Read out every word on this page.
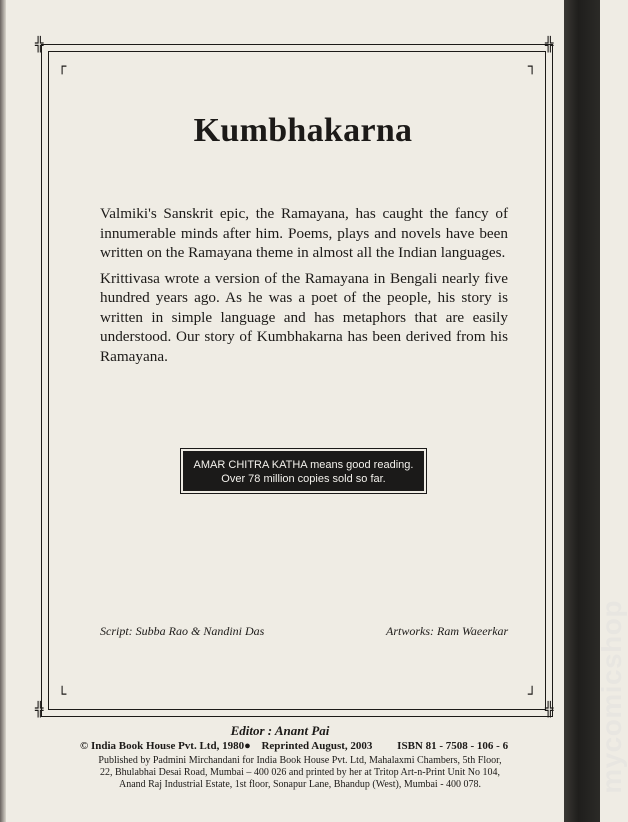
╬	╬
╬	╬
┌	┐
└	┘
Kumbhakarna

Valmiki's Sanskrit epic, the Ramayana, has caught the fancy of innumerable minds after him. Poems, plays and novels have been written on the Ramayana theme in almost all the Indian languages.

Krittivasa wrote a version of the Ramayana in Bengali nearly five hundred years ago. As he was a poet of the people, his story is written in simple language and has metaphors that are easily understood. Our story of Kumbhakarna has been derived from his Ramayana.

AMAR CHITRA KATHA means good reading.
Over 78 million copies sold so far.
Script: Subba Rao & Nandini Das	Artworks: Ram Waeerkar
Editor : Anant Pai
© India Book House Pvt. Ltd, 1980● Reprinted August, 2003 ISBN 81 - 7508 - 106 - 6
Published by Padmini Mirchandani for India Book House Pvt. Ltd, Mahalaxmi Chambers, 5th Floor,
22, Bhulabhai Desai Road, Mumbai – 400 026 and printed by her at Tritop Art-n-Print Unit No 104,
Anand Raj Industrial Estate, 1st floor, Sonapur Lane, Bhandup (West), Mumbai - 400 078.	mycomicshop
